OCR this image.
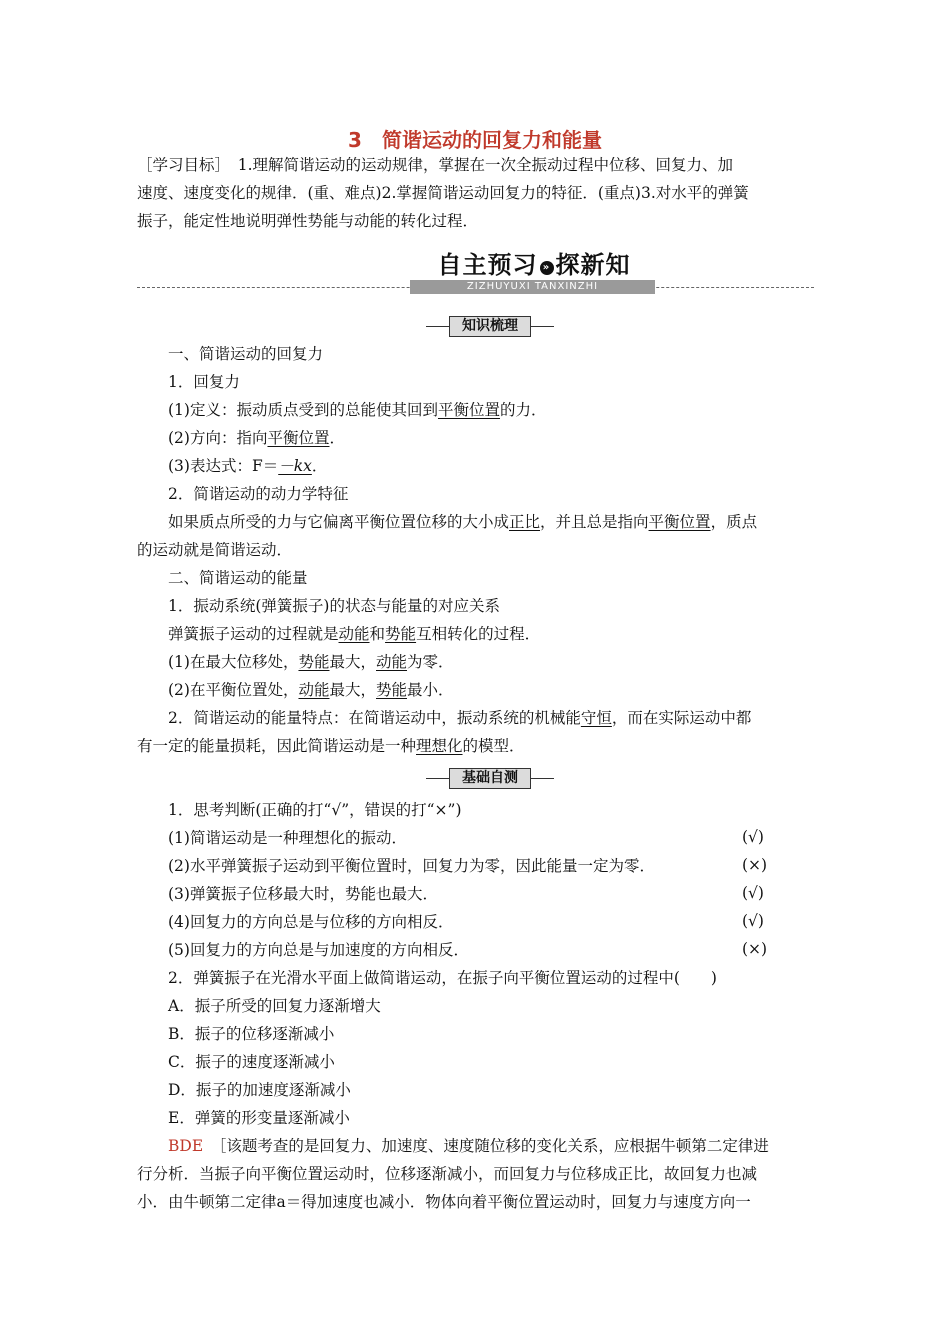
3　简谐运动的回复力和能量
［学习目标］　1.理解简谐运动的运动规律，掌握在一次全振动过程中位移、回复力、加
速度、速度变化的规律．(重、难点)2.掌握简谐运动回复力的特征．(重点)3.对水平的弹簧
振子，能定性地说明弹性势能与动能的转化过程．
自主预习 » 探新知
ZIZHUYUXI TANXINZHI
知识梳理
一、简谐运动的回复力
1．回复力
(1)定义：振动质点受到的总能使其回到平衡位置的力．
(2)方向：指向平衡位置．
(3)表达式：F＝－kx．
2．简谐运动的动力学特征
如果质点所受的力与它偏离平衡位置位移的大小成正比，并且总是指向平衡位置，质点
的运动就是简谐运动．
二、简谐运动的能量
1．振动系统(弹簧振子)的状态与能量的对应关系
弹簧振子运动的过程就是动能和势能互相转化的过程．
(1)在最大位移处，势能最大，动能为零．
(2)在平衡位置处，动能最大，势能最小．
2．简谐运动的能量特点：在简谐运动中，振动系统的机械能守恒，而在实际运动中都
有一定的能量损耗，因此简谐运动是一种理想化的模型．
基础自测
1．思考判断(正确的打“√”，错误的打“×”)
(1)简谐运动是一种理想化的振动．	(√)
(2)水平弹簧振子运动到平衡位置时，回复力为零，因此能量一定为零．	(×)
(3)弹簧振子位移最大时，势能也最大．	(√)
(4)回复力的方向总是与位移的方向相反．	(√)
(5)回复力的方向总是与加速度的方向相反．	(×)
2．弹簧振子在光滑水平面上做简谐运动，在振子向平衡位置运动的过程中(　　)
A．振子所受的回复力逐渐增大
B．振子的位移逐渐减小
C．振子的速度逐渐减小
D．振子的加速度逐渐减小
E．弹簧的形变量逐渐减小
BDE　 ［该题考查的是回复力、加速度、速度随位移的变化关系，应根据牛顿第二定律进
行分析．当振子向平衡位置运动时，位移逐渐减小，而回复力与位移成正比，故回复力也减
小．由牛顿第二定律a＝得加速度也减小．物体向着平衡位置运动时，回复力与速度方向一
